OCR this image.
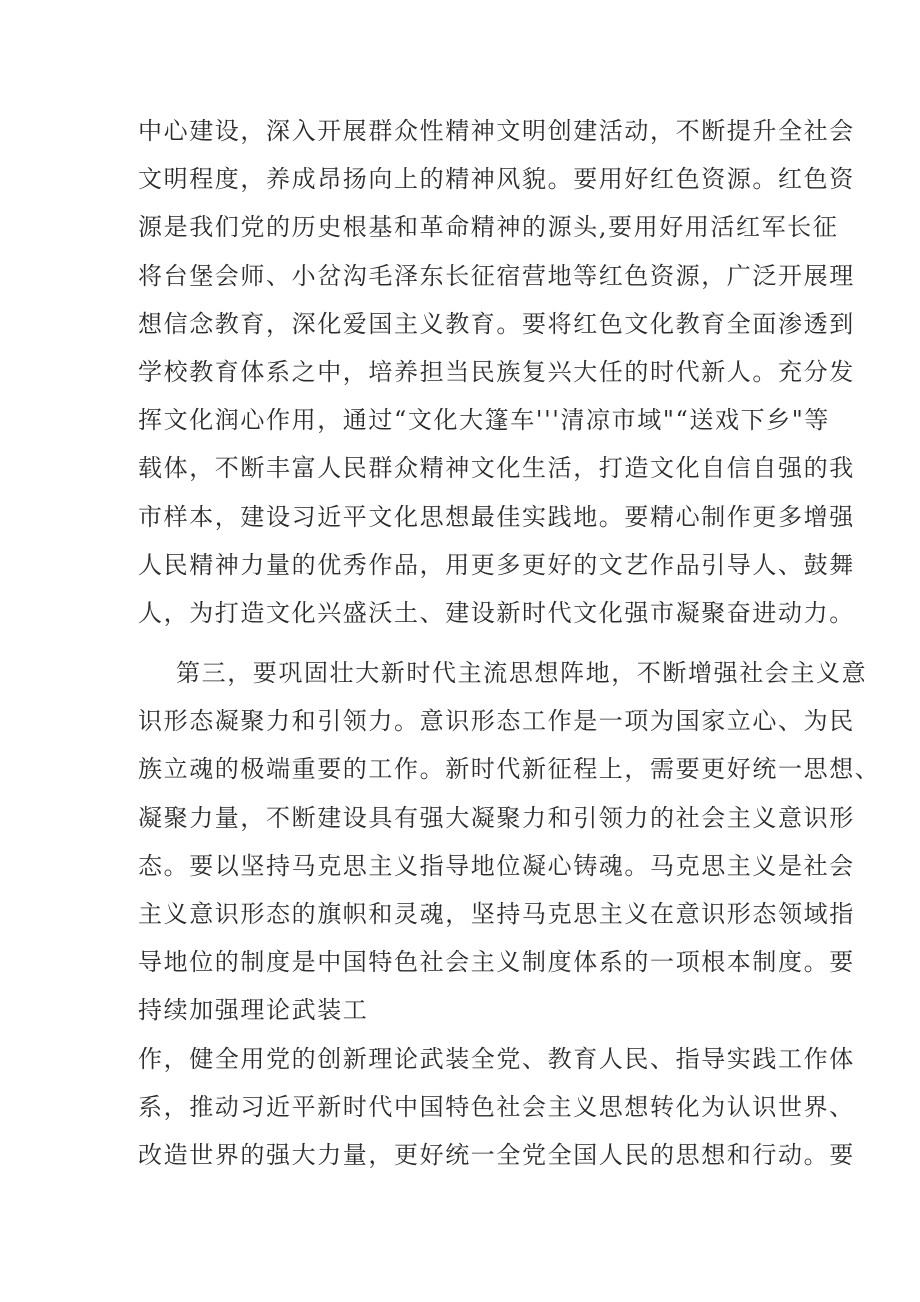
中心建设，深入开展群众性精神文明创建活动，不断提升全社会
文明程度，养成昂扬向上的精神风貌。要用好红色资源。红色资
源是我们党的历史根基和革命精神的源头,要用好用活红军长征
将台堡会师、小岔沟毛泽东长征宿营地等红色资源，广泛开展理
想信念教育，深化爱国主义教育。要将红色文化教育全面渗透到
学校教育体系之中，培养担当民族复兴大任的时代新人。充分发
挥文化润心作用，通过“文化大篷车'''清凉市域"“送戏下乡"等
载体，不断丰富人民群众精神文化生活，打造文化自信自强的我
市样本，建设习近平文化思想最佳实践地。要精心制作更多增强
人民精神力量的优秀作品，用更多更好的文艺作品引导人、鼓舞
人，为打造文化兴盛沃土、建设新时代文化强市凝聚奋进动力。
第三，要巩固壮大新时代主流思想阵地，不断增强社会主义意
识形态凝聚力和引领力。意识形态工作是一项为国家立心、为民
族立魂的极端重要的工作。新时代新征程上，需要更好统一思想、
凝聚力量，不断建设具有强大凝聚力和引领力的社会主义意识形
态。要以坚持马克思主义指导地位凝心铸魂。马克思主义是社会
主义意识形态的旗帜和灵魂，坚持马克思主义在意识形态领域指
导地位的制度是中国特色社会主义制度体系的一项根本制度。要
持续加强理论武装工
作，健全用党的创新理论武装全党、教育人民、指导实践工作体
系，推动习近平新时代中国特色社会主义思想转化为认识世界、
改造世界的强大力量，更好统一全党全国人民的思想和行动。要
